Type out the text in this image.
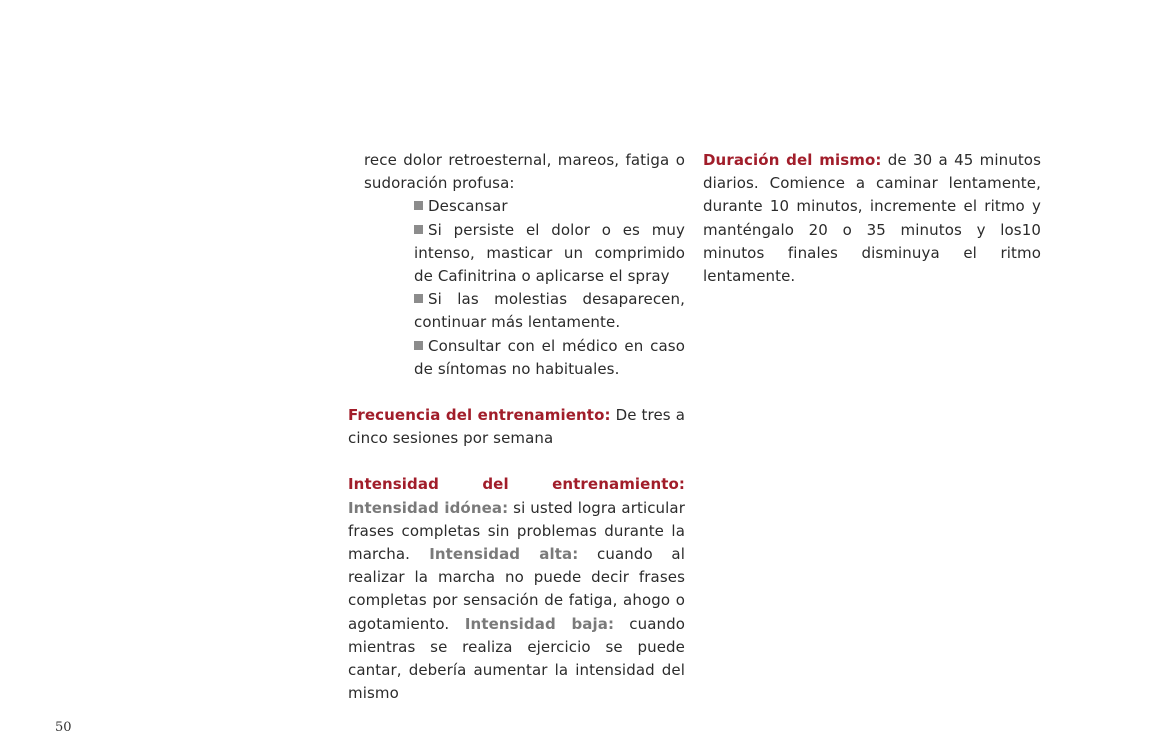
rece dolor retroesternal, mareos, fatiga o sudoración profusa:

Descansar
Si persiste el dolor o es muy intenso, masticar un comprimido de Cafinitrina o aplicarse el spray
Si las molestias desaparecen, continuar más lentamente.
Consultar con el médico en caso de síntomas no habituales.

Frecuencia del entrenamiento: De tres a cinco sesiones por semana

Intensidad del entrenamiento: Intensidad idónea: si usted logra articular frases completas sin problemas durante la marcha. Intensidad alta: cuando al realizar la marcha no puede decir frases completas por sensación de fatiga, ahogo o agotamiento. Intensidad baja: cuando mientras se realiza ejercicio se puede cantar, debería aumentar la intensidad del mismo

Duración del mismo: de 30 a 45 minutos diarios. Comience a caminar lentamente, durante 10 minutos, incremente el ritmo y manténgalo 20 o 35 minutos y los10 minutos finales disminuya el ritmo lentamente.

50
